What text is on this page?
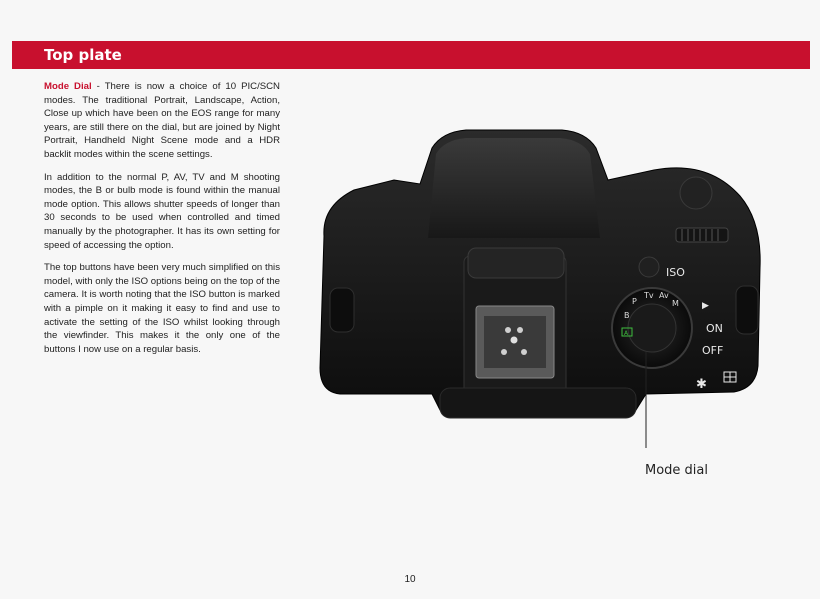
Top plate

Mode Dial - There is now a choice of 10 PIC/SCN modes. The traditional Portrait, Landscape, Action, Close up which have been on the EOS range for many years, are still there on the dial, but are joined by Night Portrait, Handheld Night Scene mode and a HDR backlit modes within the scene settings.

In addition to the normal P, AV, TV and M shooting modes, the B or bulb mode is found within the manual mode option. This allows shutter speeds of longer than 30 seconds to be used when controlled and timed manually by the photographer. It has its own setting for speed of accessing the option.

The top buttons have been very much simplified on this model, with only the ISO options being on the top of the camera. It is worth noting that the ISO button is marked with a pimple on it making it easy to find and use to activate the setting of the ISO whilst looking through the viewfinder. This makes it the only one of the buttons I now use on a regular basis.

ISO
P
Tv Av
M
B
A
▶
ON
OFF
✱
Mode dial
10
